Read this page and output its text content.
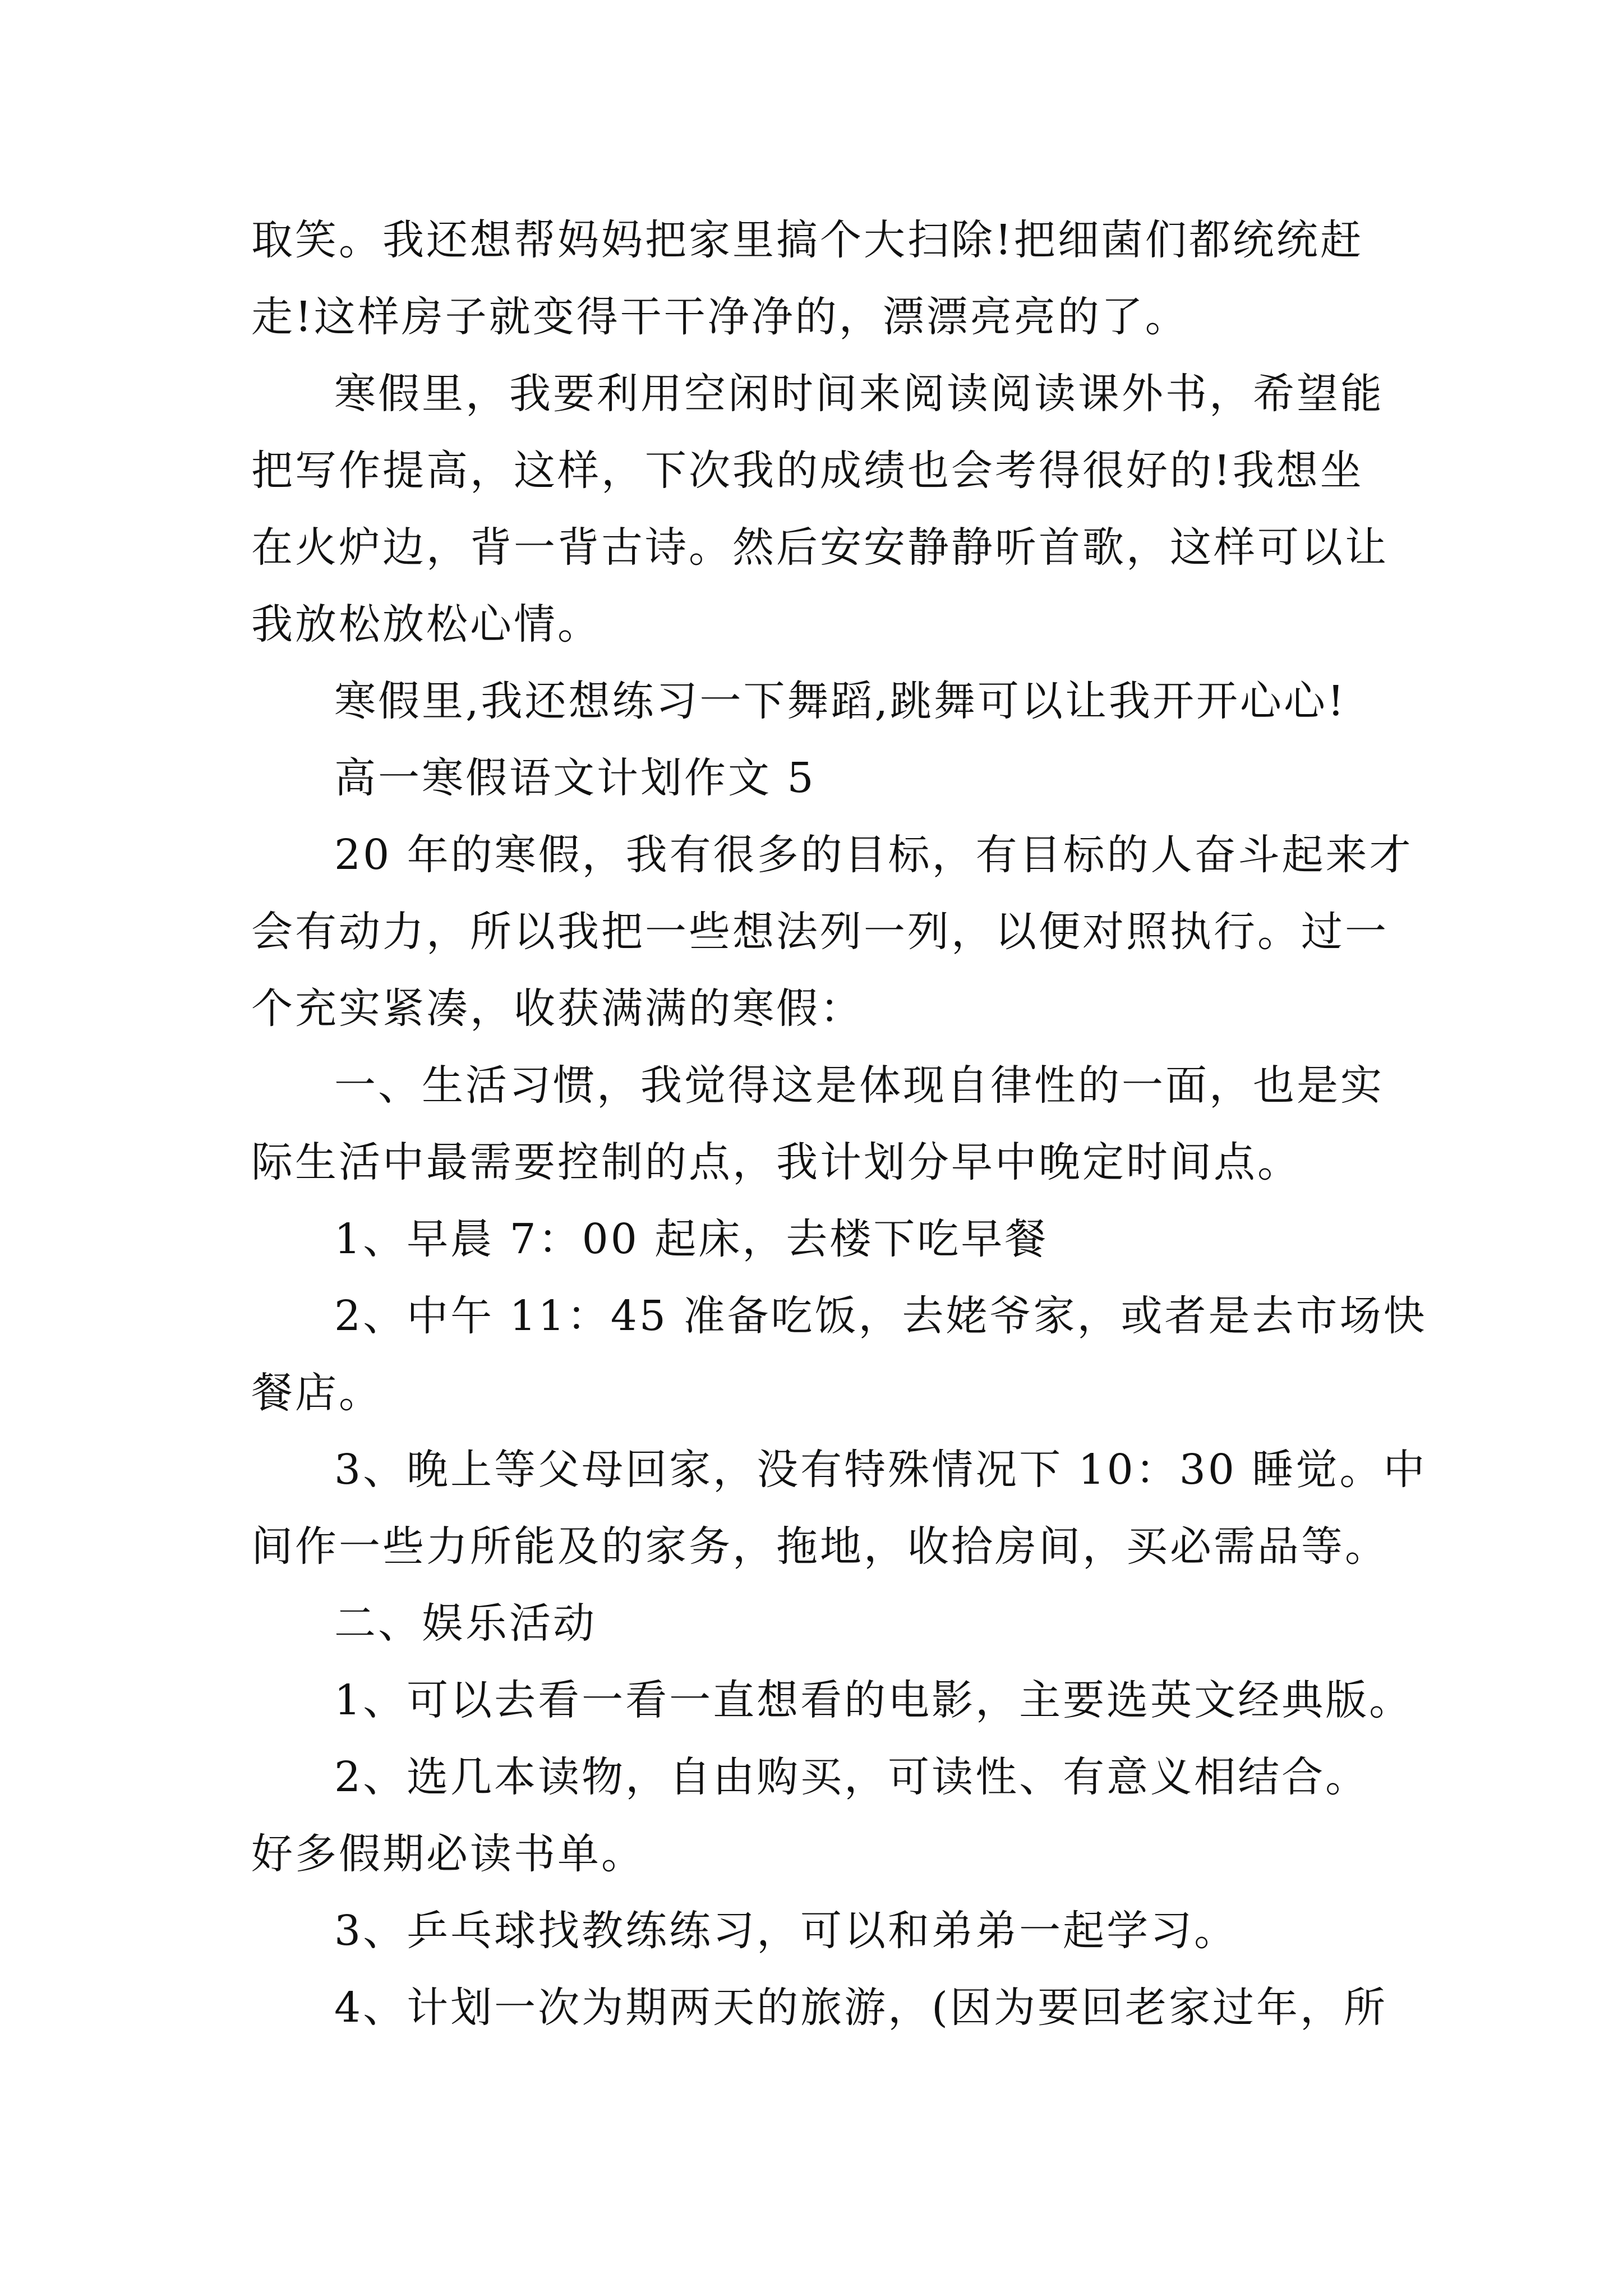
取笑。我还想帮妈妈把家里搞个大扫除!把细菌们都统统赶
走!这样房子就变得干干净净的，漂漂亮亮的了。
寒假里，我要利用空闲时间来阅读阅读课外书，希望能
把写作提高，这样，下次我的成绩也会考得很好的!我想坐
在火炉边，背一背古诗。然后安安静静听首歌，这样可以让
我放松放松心情。
寒假里,我还想练习一下舞蹈,跳舞可以让我开开心心!
高一寒假语文计划作文 5
20 年的寒假，我有很多的目标，有目标的人奋斗起来才
会有动力，所以我把一些想法列一列，以便对照执行。过一
个充实紧凑，收获满满的寒假：
一、生活习惯，我觉得这是体现自律性的一面，也是实
际生活中最需要控制的点，我计划分早中晚定时间点。
1、早晨 7：00 起床，去楼下吃早餐
2、中午 11：45 准备吃饭，去姥爷家，或者是去市场快
餐店。
3、晚上等父母回家，没有特殊情况下 10：30 睡觉。中
间作一些力所能及的家务，拖地，收拾房间，买必需品等。
二、娱乐活动
1、可以去看一看一直想看的电影，主要选英文经典版。
2、选几本读物，自由购买，可读性、有意义相结合。
好多假期必读书单。
3、乒乓球找教练练习，可以和弟弟一起学习。
4、计划一次为期两天的旅游，(因为要回老家过年，所
